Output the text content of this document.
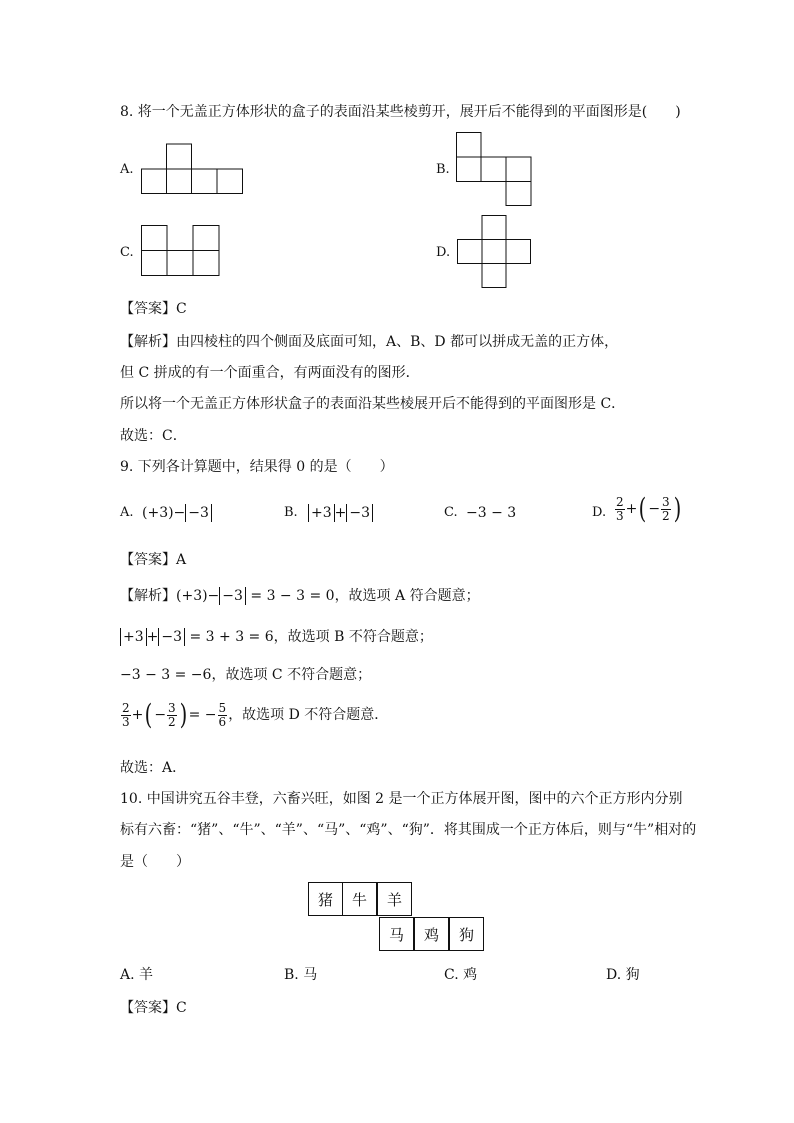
8. 将一个无盖正方体形状的盒子的表面沿某些棱剪开，展开后不能得到的平面图形是(　　)
A.	B.
C.	D.
【答案】C
【解析】由四棱柱的四个侧面及底面可知，A、B、D 都可以拼成无盖的正方体，
但 C 拼成的有一个面重合，有两面没有的图形．
所以将一个无盖正方体形状盒子的表面沿某些棱展开后不能得到的平面图形是 C．
故选：C．
9. 下列各计算题中，结果得 0 的是（　　）
A. (+3)− −3	B. +3 + −3	C. −3 − 3	D. $\frac{2}{3}$ +( − $\frac{3}{2}$ )
【答案】A
【解析】(+3)− −3 = 3 − 3 = 0，故选项 A 符合题意；
+3 + −3 = 3 + 3 = 6，故选项 B 不符合题意；
−3 − 3 = −6，故选项 C 不符合题意；
$\frac{2}{3}$ +( − $\frac{3}{2}$ ) = − $\frac{5}{6}$ ，故选项 D 不符合题意．
故选：A．
10. 中国讲究五谷丰登，六畜兴旺，如图 2 是一个正方体展开图，图中的六个正方形内分别
标有六畜：“猪”、“牛”、“羊”、“马”、“鸡”、“狗”．将其围成一个正方体后，则与“牛”相对的
是（　　）
猪	牛	羊
马	鸡	狗
A. 羊	B. 马	C. 鸡	D. 狗
【答案】C
